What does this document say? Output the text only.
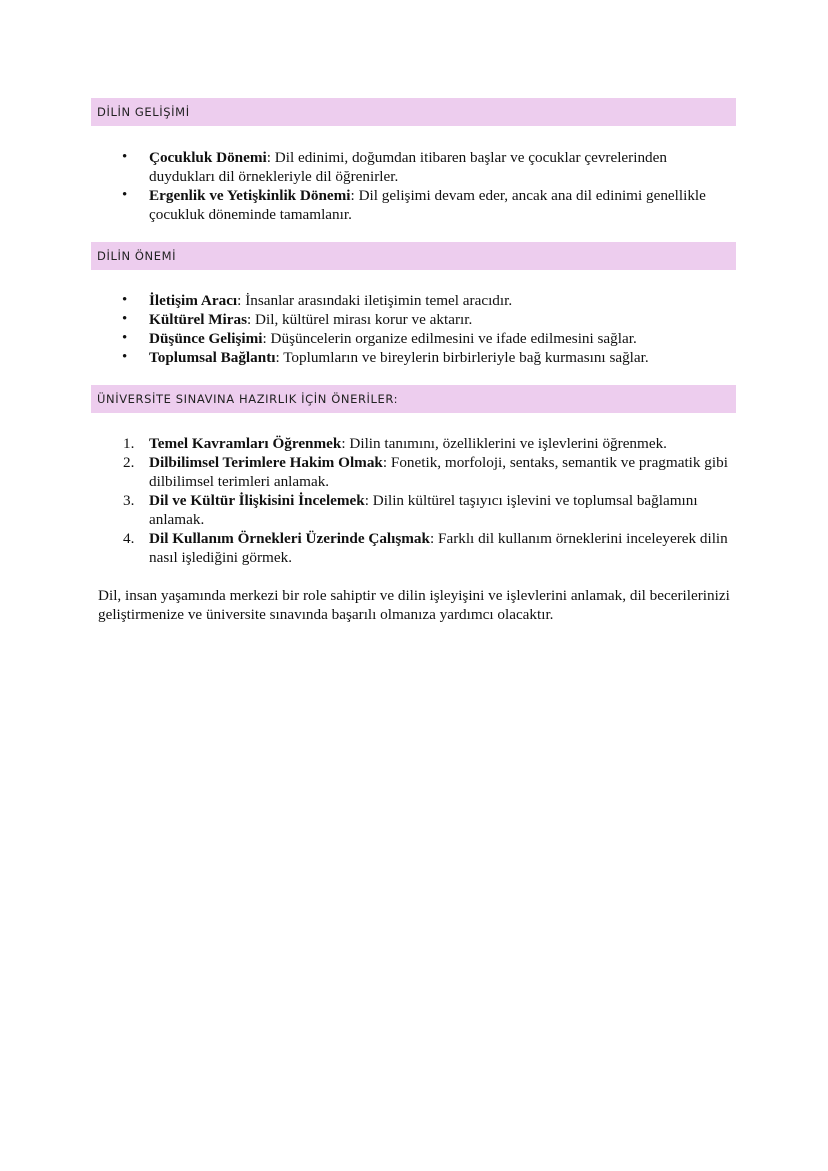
DİLİN GELİŞİMİ
•	Çocukluk Dönemi: Dil edinimi, doğumdan itibaren başlar ve çocuklar çevrelerinden duydukları dil örnekleriyle dil öğrenirler.
•	Ergenlik ve Yetişkinlik Dönemi: Dil gelişimi devam eder, ancak ana dil edinimi genellikle çocukluk döneminde tamamlanır.
DİLİN ÖNEMİ
•	İletişim Aracı: İnsanlar arasındaki iletişimin temel aracıdır.
•	Kültürel Miras: Dil, kültürel mirası korur ve aktarır.
•	Düşünce Gelişimi: Düşüncelerin organize edilmesini ve ifade edilmesini sağlar.
•	Toplumsal Bağlantı: Toplumların ve bireylerin birbirleriyle bağ kurmasını sağlar.
ÜNİVERSİTE SINAVINA HAZIRLIK İÇİN ÖNERİLER:
1. Temel Kavramları Öğrenmek: Dilin tanımını, özelliklerini ve işlevlerini öğrenmek.
2. Dilbilimsel Terimlere Hakim Olmak: Fonetik, morfoloji, sentaks, semantik ve pragmatik gibi dilbilimsel terimleri anlamak.
3. Dil ve Kültür İlişkisini İncelemek: Dilin kültürel taşıyıcı işlevini ve toplumsal bağlamını anlamak.
4. Dil Kullanım Örnekleri Üzerinde Çalışmak: Farklı dil kullanım örneklerini inceleyerek dilin nasıl işlediğini görmek.

Dil, insan yaşamında merkezi bir role sahiptir ve dilin işleyişini ve işlevlerini anlamak, dil becerilerinizi geliştirmenize ve üniversite sınavında başarılı olmanıza yardımcı olacaktır.
